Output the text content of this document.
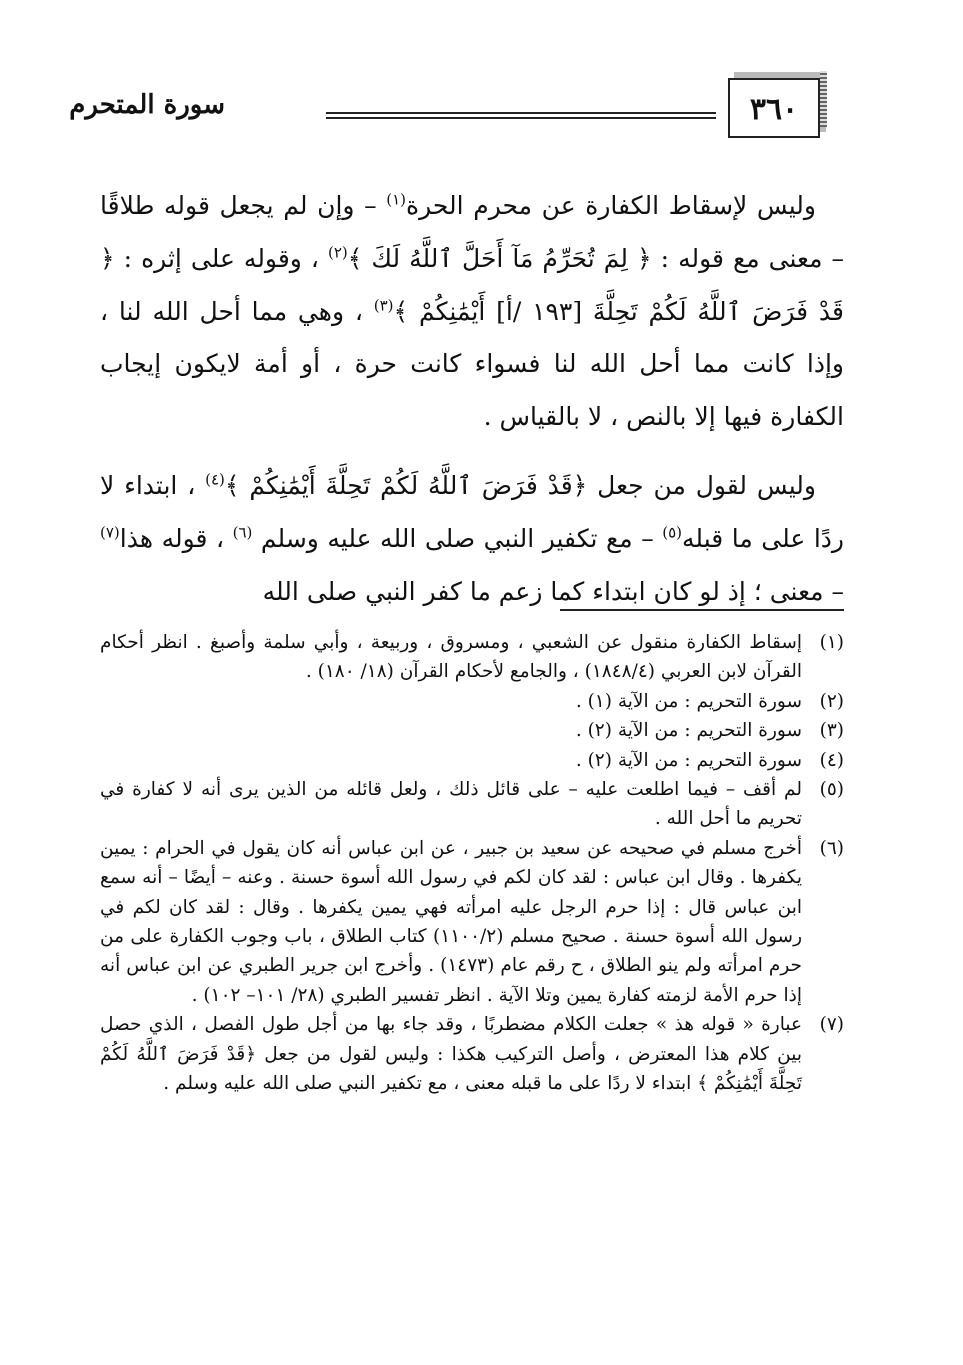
٣٦٠
سورة المتحرم

وليس لإسقاط الكفارة عن محرم الحرة$^{(١)}$ – وإن لم يجعل قوله طلاقًا – معنى مع قوله : ﴿ لِمَ تُحَرِّمُ مَآ أَحَلَّ ٱللَّهُ لَكَ ﴾$^{(٢)}$ ، وقوله على إثره : ﴿ قَدْ فَرَضَ ٱللَّهُ لَكُمْ تَحِلَّةَ [١٩٣ /أ] أَيْمَٰنِكُمْ ﴾$^{(٣)}$ ، وهي مما أحل الله لنا ، وإذا كانت مما أحل الله لنا فسواء كانت حرة ، أو أمة لايكون إيجاب الكفارة فيها إلا بالنص ، لا بالقياس .

وليس لقول من جعل ﴿قَدْ فَرَضَ ٱللَّهُ لَكُمْ تَحِلَّةَ أَيْمَٰنِكُمْ ﴾$^{(٤)}$ ، ابتداء لا ردًا على ما قبله$^{(٥)}$ – مع تكفير النبي صلى الله عليه وسلم $^{(٦)}$ ، قوله هذا$^{(٧)}$ – معنى ؛ إذ لو كان ابتداء كما زعم ما كفر النبي صلى الله

(١)
إسقاط الكفارة منقول عن الشعبي ، ومسروق ، وربيعة ، وأبي سلمة وأصبغ . انظر أحكام القرآن لابن العربي (١٨٤٨/٤) ، والجامع لأحكام القرآن (١٨/ ١٨٠) .

(٢)
سورة التحريم : من الآية (١) .

(٣)
سورة التحريم : من الآية (٢) .

(٤)
سورة التحريم : من الآية (٢) .

(٥)
لم أقف – فيما اطلعت عليه – على قائل ذلك ، ولعل قائله من الذين يرى أنه لا كفارة في تحريم ما أحل الله .

(٦)
أخرج مسلم في صحيحه عن سعيد بن جبير ، عن ابن عباس أنه كان يقول في الحرام : يمين يكفرها . وقال ابن عباس : لقد كان لكم في رسول الله أسوة حسنة . وعنه – أيضًا – أنه سمع ابن عباس قال : إذا حرم الرجل عليه امرأته فهي يمين يكفرها . وقال : لقد كان لكم في رسول الله أسوة حسنة . صحيح مسلم (١١٠٠/٢) كتاب الطلاق ، باب وجوب الكفارة على من حرم امرأته ولم ينو الطلاق ، ح رقم عام (١٤٧٣) . وأخرج ابن جرير الطبري عن ابن عباس أنه إذا حرم الأمة لزمته كفارة يمين وتلا الآية . انظر تفسير الطبري (٢٨/ ١٠١– ١٠٢) .

(٧)
عبارة « قوله هذ » جعلت الكلام مضطربًا ، وقد جاء بها من أجل طول الفصل ، الذي حصل بين كلام هذا المعترض ، وأصل التركيب هكذا : وليس لقول من جعل ﴿قَدْ فَرَضَ ٱللَّهُ لَكُمْ تَحِلَّةَ أَيْمَٰنِكُمْ ﴾ ابتداء لا ردًا على ما قبله معنى ، مع تكفير النبي صلى الله عليه وسلم .
